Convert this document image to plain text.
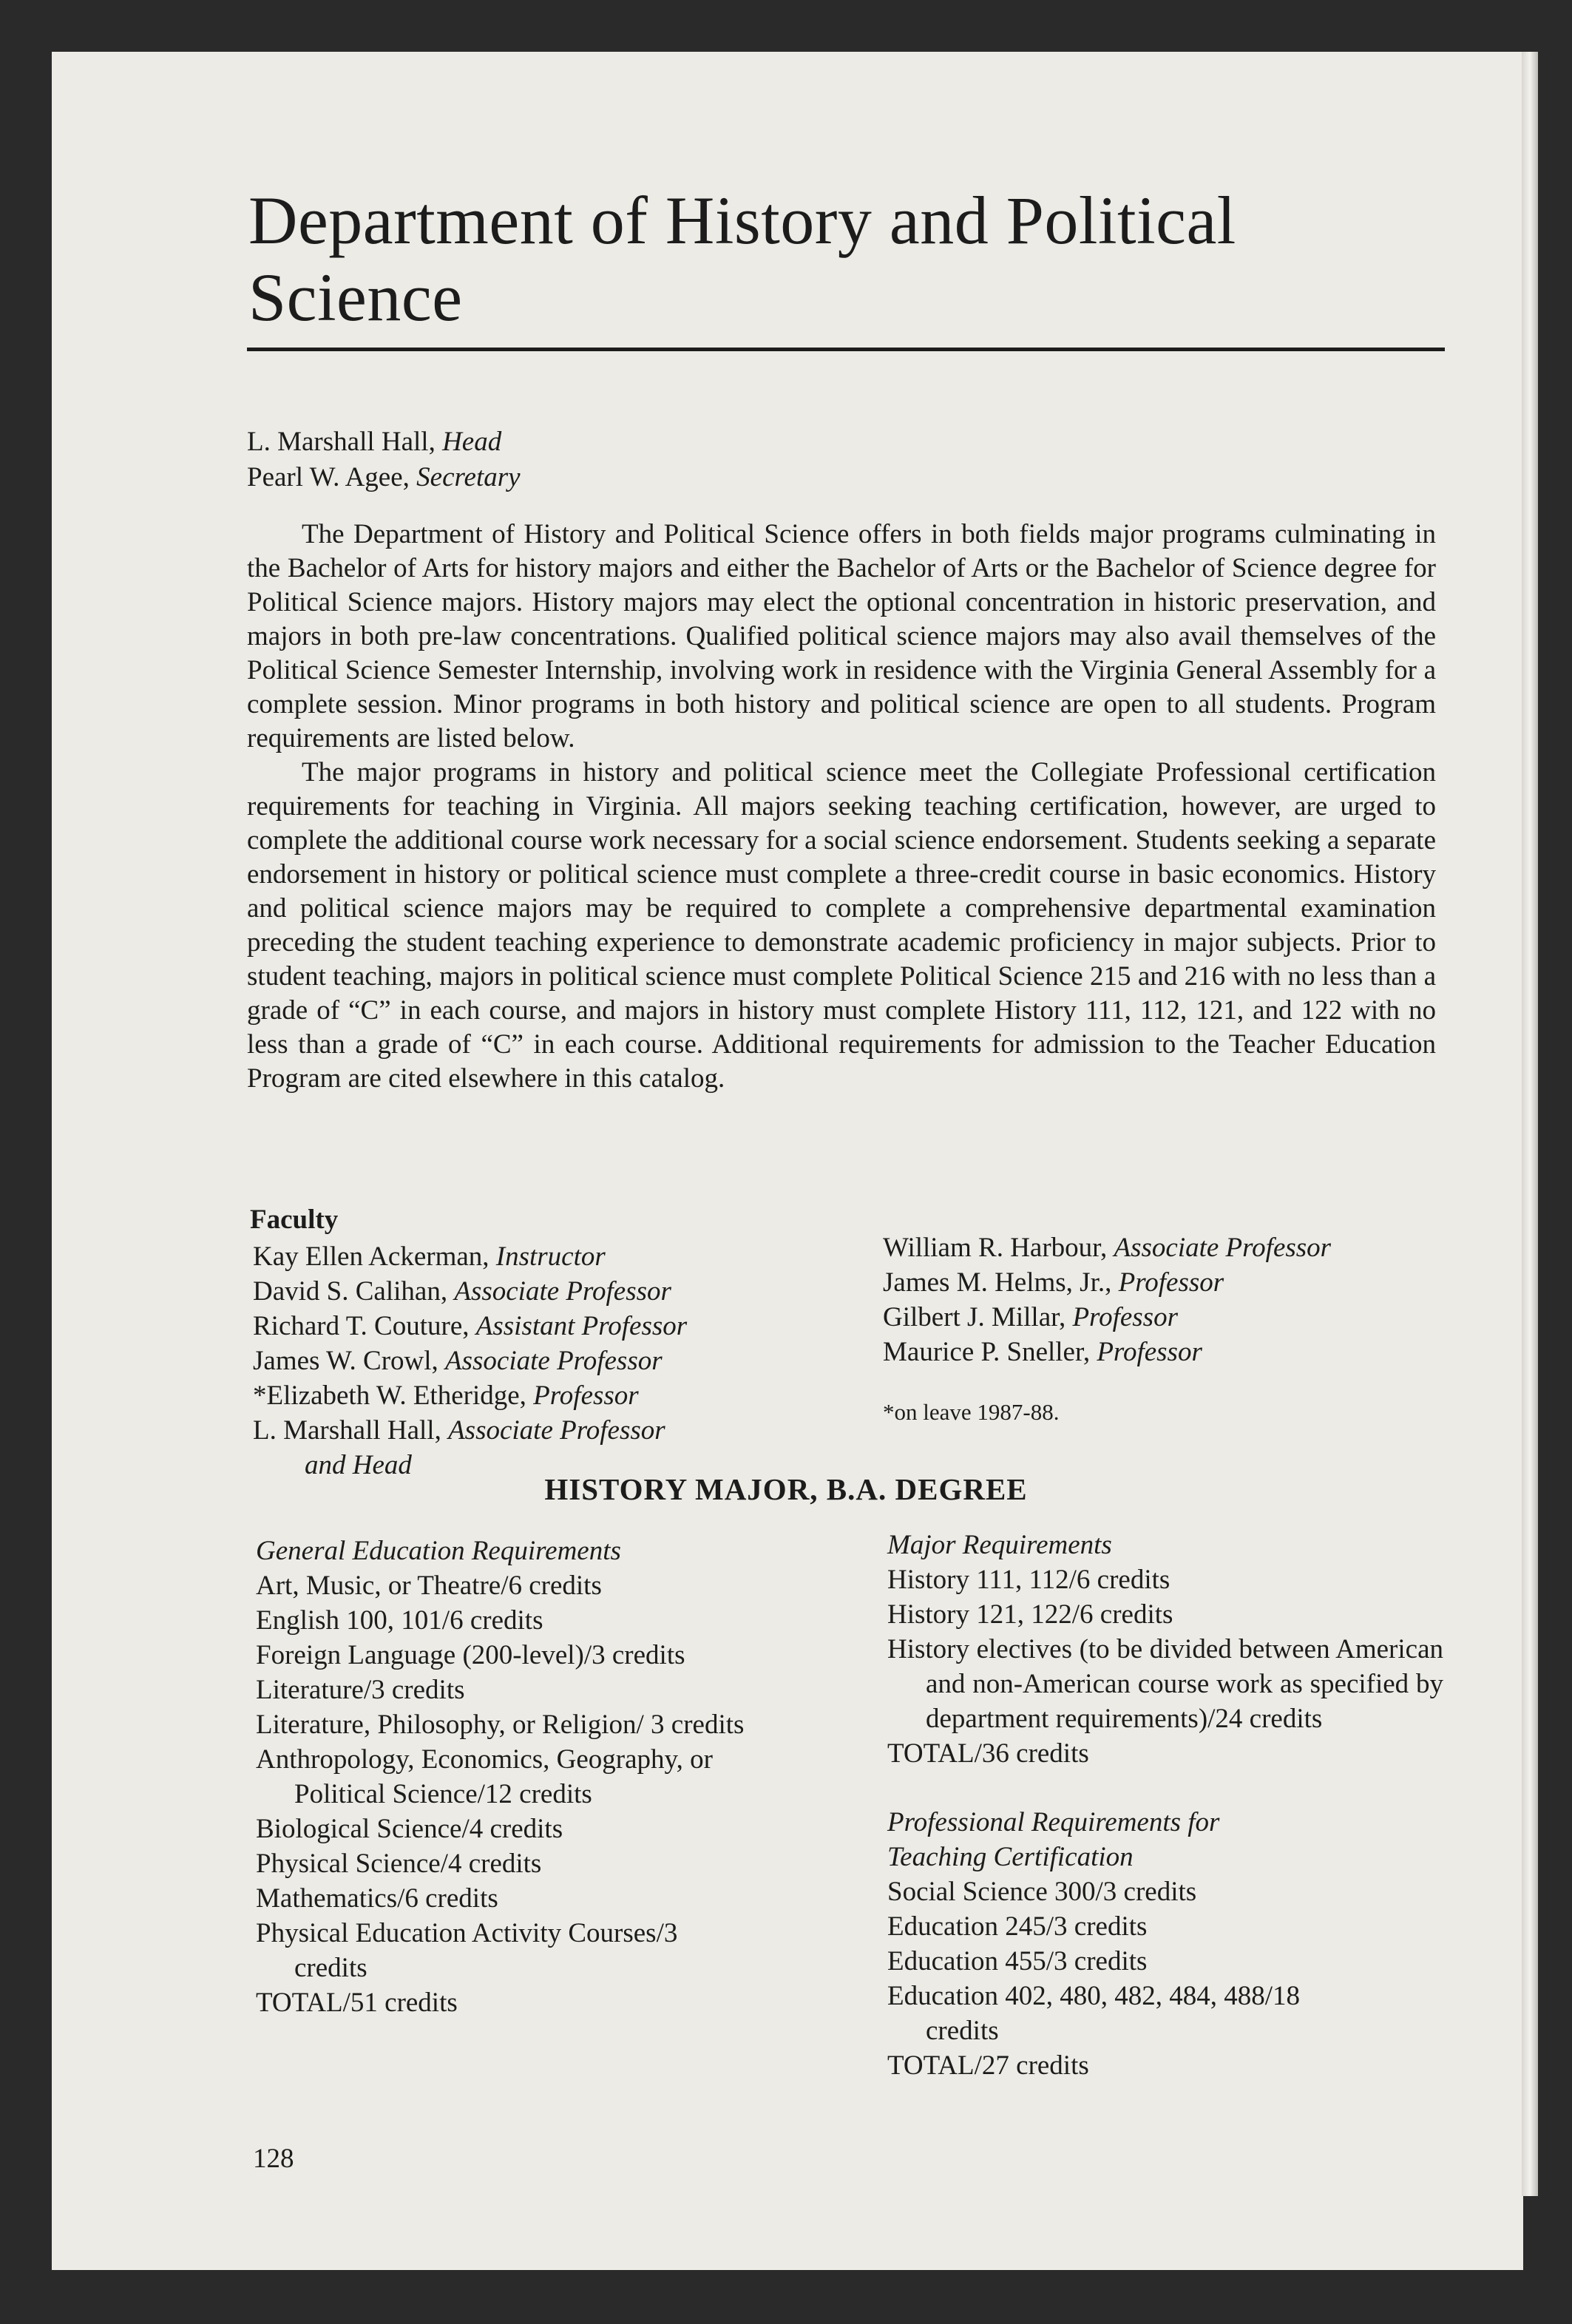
Department of History and Political Science
L. Marshall Hall, Head
Pearl W. Agee, Secretary

The Department of History and Political Science offers in both fields major programs culminating in the Bachelor of Arts for history majors and either the Bachelor of Arts or the Bachelor of Science degree for Political Science majors. History majors may elect the optional concentration in historic preservation, and majors in both pre-law concentrations. Qualified political science majors may also avail themselves of the Political Science Semester Internship, involving work in residence with the Virginia General Assembly for a complete session. Minor programs in both history and political science are open to all students. Program requirements are listed below.

The major programs in history and political science meet the Collegiate Professional certification requirements for teaching in Virginia. All majors seeking teaching certification, however, are urged to complete the additional course work necessary for a social science endorsement. Students seeking a separate endorsement in history or political science must complete a three-credit course in basic economics. History and political science majors may be required to complete a comprehensive departmental examination preceding the student teaching experience to demonstrate academic proficiency in major subjects. Prior to student teaching, majors in political science must complete Political Science 215 and 216 with no less than a grade of “C” in each course, and majors in history must complete History 111, 112, 121, and 122 with no less than a grade of “C” in each course. Additional requirements for admission to the Teacher Education Program are cited elsewhere in this catalog.

Faculty
Kay Ellen Ackerman, Instructor
David S. Calihan, Associate Professor
Richard T. Couture, Assistant Professor
James W. Crowl, Associate Professor
*Elizabeth W. Etheridge, Professor
L. Marshall Hall, Associate Professor
and Head
William R. Harbour, Associate Professor
James M. Helms, Jr., Professor
Gilbert J. Millar, Professor
Maurice P. Sneller, Professor
*on leave 1987-88.
HISTORY MAJOR, B.A. DEGREE
General Education Requirements
Art, Music, or Theatre/6 credits
English 100, 101/6 credits
Foreign Language (200-level)/3 credits
Literature/3 credits
Literature, Philosophy, or Religion/ 3 credits
Anthropology, Economics, Geography, or Political Science/12 credits
Biological Science/4 credits
Physical Science/4 credits
Mathematics/6 credits
Physical Education Activity Courses/3 credits
TOTAL/51 credits
Major Requirements
History 111, 112/6 credits
History 121, 122/6 credits
History electives (to be divided between American and non-American course work as specified by department requirements)/24 credits
TOTAL/36 credits
Professional Requirements for Teaching Certification
Social Science 300/3 credits
Education 245/3 credits
Education 455/3 credits
Education 402, 480, 482, 484, 488/18 credits
TOTAL/27 credits
128
